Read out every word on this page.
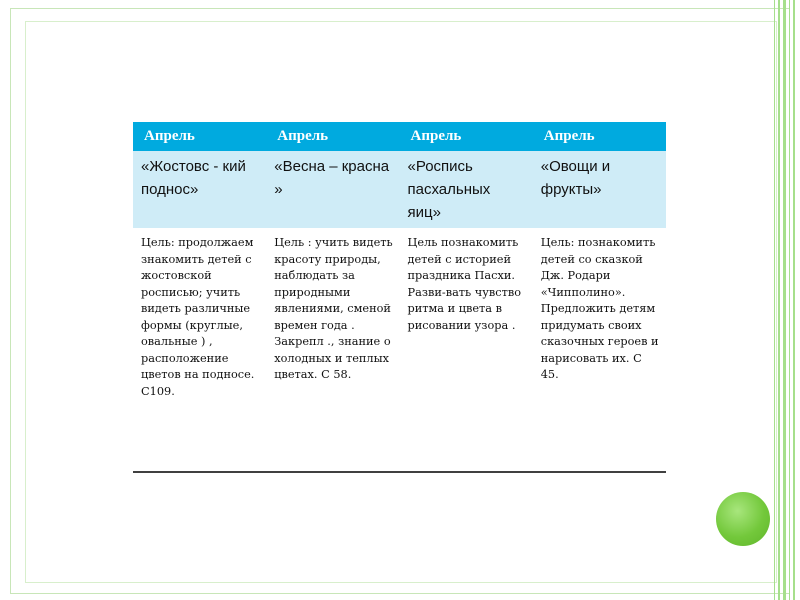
Апрель	Апрель	Апрель	Апрель

«Жостовс - кий поднос»	«Весна – красна »	«Роспись пасхальных яиц»	«Овощи и фрукты»

Цель: продолжаем знакомить детей с жостовской росписью; учить видеть различные формы (круглые, овальные ) , расположение цветов на подносе. С109.	Цель : учить видеть красоту природы, наблюдать за природными явлениями, сменой времен года . Закрепл ., знание о холодных и теплых цветах. С 58.	Цель познакомить детей с историей праздника Пасхи. Разви-вать чувство ритма и цвета в рисовании узора .	Цель: познакомить детей со сказкой Дж. Родари «Чипполино». Предложить детям придумать своих сказочных героев и нарисовать их. С 45.
